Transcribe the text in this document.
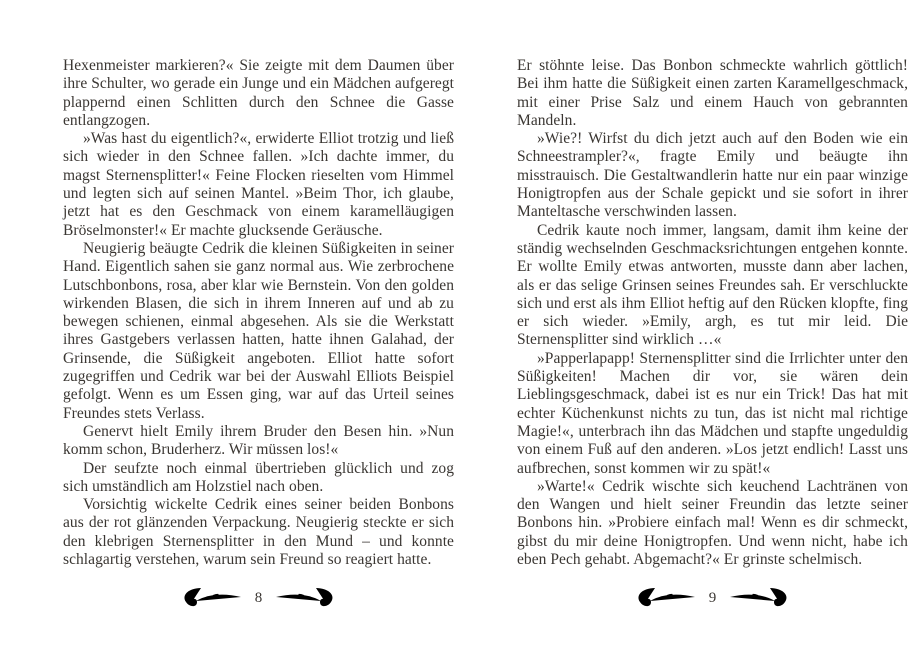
Hexenmeister markieren?« Sie zeigte mit dem Daumen über ihre Schulter, wo gerade ein Junge und ein Mädchen aufgeregt plappernd einen Schlitten durch den Schnee die Gasse entlangzogen.

»Was hast du eigentlich?«, erwiderte Elliot trotzig und ließ sich wieder in den Schnee fallen. »Ich dachte immer, du magst Sternensplitter!« Feine Flocken rieselten vom Himmel und legten sich auf seinen Mantel. »Beim Thor, ich glaube, jetzt hat es den Geschmack von einem karamelläugigen Bröselmonster!« Er machte glucksende Geräusche.

Neugierig beäugte Cedrik die kleinen Süßigkeiten in seiner Hand. Eigentlich sahen sie ganz normal aus. Wie zerbrochene Lutschbonbons, rosa, aber klar wie Bernstein. Von den golden wirkenden Blasen, die sich in ihrem Inneren auf und ab zu bewegen schienen, einmal abgesehen. Als sie die Werkstatt ihres Gastgebers verlassen hatten, hatte ihnen Galahad, der Grinsende, die Süßigkeit angeboten. Elliot hatte sofort zugegriffen und Cedrik war bei der Auswahl Elliots Beispiel gefolgt. Wenn es um Essen ging, war auf das Urteil seines Freundes stets Verlass.

Genervt hielt Emily ihrem Bruder den Besen hin. »Nun komm schon, Bruderherz. Wir müssen los!«

Der seufzte noch einmal übertrieben glücklich und zog sich umständlich am Holzstiel nach oben.

Vorsichtig wickelte Cedrik eines seiner beiden Bonbons aus der rot glänzenden Verpackung. Neugierig steckte er sich den klebrigen Sternensplitter in den Mund – und konnte schlagartig verstehen, warum sein Freund so reagiert hatte.

Er stöhnte leise. Das Bonbon schmeckte wahrlich göttlich! Bei ihm hatte die Süßigkeit einen zarten Karamellgeschmack, mit einer Prise Salz und einem Hauch von gebrannten Mandeln.

»Wie?! Wirfst du dich jetzt auch auf den Boden wie ein Schneestrampler?«, fragte Emily und beäugte ihn misstrauisch. Die Gestaltwandlerin hatte nur ein paar winzige Honigtropfen aus der Schale gepickt und sie sofort in ihrer Manteltasche verschwinden lassen.

Cedrik kaute noch immer, langsam, damit ihm keine der ständig wechselnden Geschmacksrichtungen entgehen konnte. Er wollte Emily etwas antworten, musste dann aber lachen, als er das selige Grinsen seines Freundes sah. Er verschluckte sich und erst als ihm Elliot heftig auf den Rücken klopfte, fing er sich wieder. »Emily, argh, es tut mir leid. Die Sternensplitter sind wirklich …«

»Papperlapapp! Sternensplitter sind die Irrlichter unter den Süßigkeiten! Machen dir vor, sie wären dein Lieblingsgeschmack, dabei ist es nur ein Trick! Das hat mit echter Küchenkunst nichts zu tun, das ist nicht mal richtige Magie!«, unterbrach ihn das Mädchen und stapfte ungeduldig von einem Fuß auf den anderen. »Los jetzt endlich! Lasst uns aufbrechen, sonst kommen wir zu spät!«

»Warte!« Cedrik wischte sich keuchend Lachtränen von den Wangen und hielt seiner Freundin das letzte seiner Bonbons hin. »Probiere einfach mal! Wenn es dir schmeckt, gibst du mir deine Honigtropfen. Und wenn nicht, habe ich eben Pech gehabt. Abgemacht?« Er grinste schelmisch.

8	9
